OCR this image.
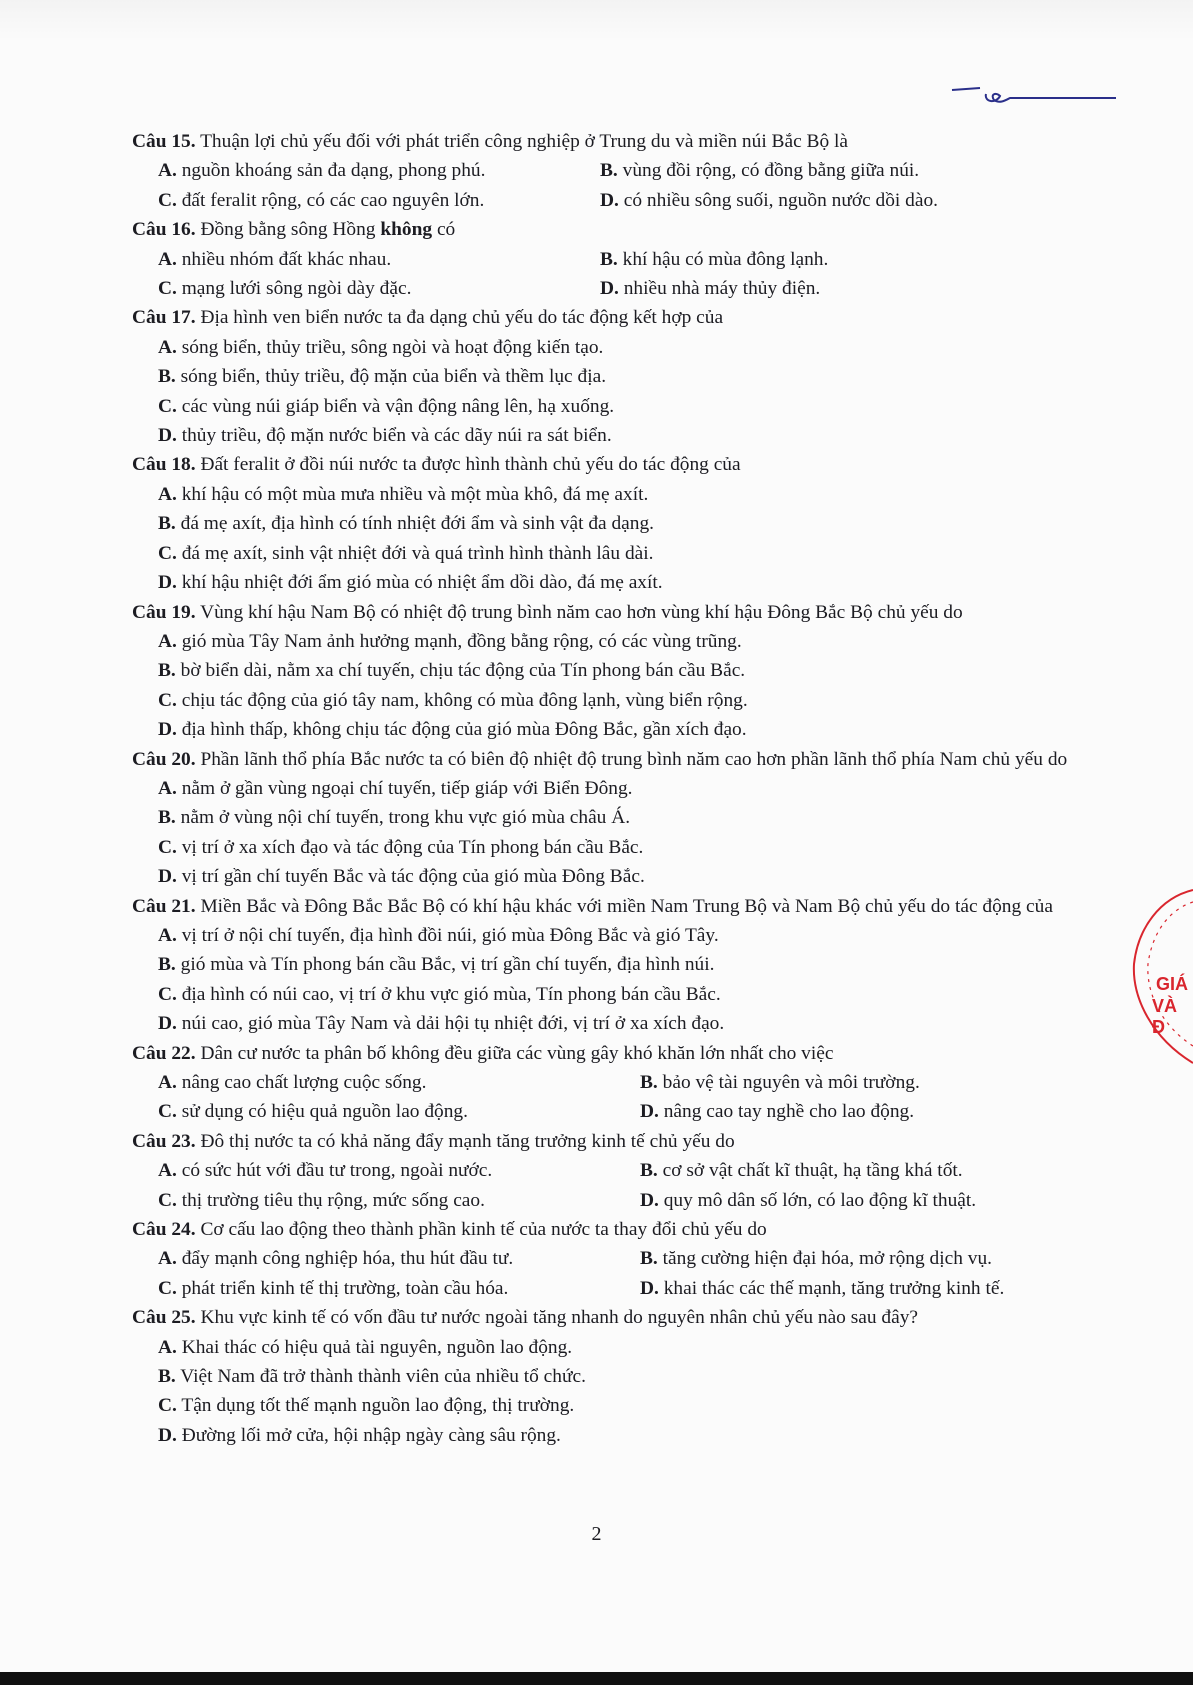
Câu 15. Thuận lợi chủ yếu đối với phát triển công nghiệp ở Trung du và miền núi Bắc Bộ là
A. nguồn khoáng sản đa dạng, phong phú.	B. vùng đồi rộng, có đồng bằng giữa núi.
C. đất feralit rộng, có các cao nguyên lớn.	D. có nhiều sông suối, nguồn nước dồi dào.
Câu 16. Đồng bằng sông Hồng không có
A. nhiều nhóm đất khác nhau.	B. khí hậu có mùa đông lạnh.
C. mạng lưới sông ngòi dày đặc.	D. nhiều nhà máy thủy điện.
Câu 17. Địa hình ven biển nước ta đa dạng chủ yếu do tác động kết hợp của
A. sóng biển, thủy triều, sông ngòi và hoạt động kiến tạo.
B. sóng biển, thủy triều, độ mặn của biển và thềm lục địa.
C. các vùng núi giáp biển và vận động nâng lên, hạ xuống.
D. thủy triều, độ mặn nước biển và các dãy núi ra sát biển.
Câu 18. Đất feralit ở đồi núi nước ta được hình thành chủ yếu do tác động của
A. khí hậu có một mùa mưa nhiều và một mùa khô, đá mẹ axít.
B. đá mẹ axít, địa hình có tính nhiệt đới ẩm và sinh vật đa dạng.
C. đá mẹ axít, sinh vật nhiệt đới và quá trình hình thành lâu dài.
D. khí hậu nhiệt đới ẩm gió mùa có nhiệt ẩm dồi dào, đá mẹ axít.
Câu 19. Vùng khí hậu Nam Bộ có nhiệt độ trung bình năm cao hơn vùng khí hậu Đông Bắc Bộ chủ yếu do
A. gió mùa Tây Nam ảnh hưởng mạnh, đồng bằng rộng, có các vùng trũng.
B. bờ biển dài, nằm xa chí tuyến, chịu tác động của Tín phong bán cầu Bắc.
C. chịu tác động của gió tây nam, không có mùa đông lạnh, vùng biển rộng.
D. địa hình thấp, không chịu tác động của gió mùa Đông Bắc, gần xích đạo.
Câu 20. Phần lãnh thổ phía Bắc nước ta có biên độ nhiệt độ trung bình năm cao hơn phần lãnh thổ phía Nam chủ yếu do
A. nằm ở gần vùng ngoại chí tuyến, tiếp giáp với Biển Đông.
B. nằm ở vùng nội chí tuyến, trong khu vực gió mùa châu Á.
C. vị trí ở xa xích đạo và tác động của Tín phong bán cầu Bắc.
D. vị trí gần chí tuyến Bắc và tác động của gió mùa Đông Bắc.
Câu 21. Miền Bắc và Đông Bắc Bắc Bộ có khí hậu khác với miền Nam Trung Bộ và Nam Bộ chủ yếu do tác động của
A. vị trí ở nội chí tuyến, địa hình đồi núi, gió mùa Đông Bắc và gió Tây.
B. gió mùa và Tín phong bán cầu Bắc, vị trí gần chí tuyến, địa hình núi.
C. địa hình có núi cao, vị trí ở khu vực gió mùa, Tín phong bán cầu Bắc.
D. núi cao, gió mùa Tây Nam và dải hội tụ nhiệt đới, vị trí ở xa xích đạo.
Câu 22. Dân cư nước ta phân bố không đều giữa các vùng gây khó khăn lớn nhất cho việc
A. nâng cao chất lượng cuộc sống.	B. bảo vệ tài nguyên và môi trường.
C. sử dụng có hiệu quả nguồn lao động.	D. nâng cao tay nghề cho lao động.
Câu 23. Đô thị nước ta có khả năng đẩy mạnh tăng trưởng kinh tế chủ yếu do
A. có sức hút với đầu tư trong, ngoài nước.	B. cơ sở vật chất kĩ thuật, hạ tầng khá tốt.
C. thị trường tiêu thụ rộng, mức sống cao.	D. quy mô dân số lớn, có lao động kĩ thuật.
Câu 24. Cơ cấu lao động theo thành phần kinh tế của nước ta thay đổi chủ yếu do
A. đẩy mạnh công nghiệp hóa, thu hút đầu tư.	B. tăng cường hiện đại hóa, mở rộng dịch vụ.
C. phát triển kinh tế thị trường, toàn cầu hóa.	D. khai thác các thế mạnh, tăng trưởng kinh tế.
Câu 25. Khu vực kinh tế có vốn đầu tư nước ngoài tăng nhanh do nguyên nhân chủ yếu nào sau đây?
A. Khai thác có hiệu quả tài nguyên, nguồn lao động.
B. Việt Nam đã trở thành thành viên của nhiều tổ chức.
C. Tận dụng tốt thế mạnh nguồn lao động, thị trường.
D. Đường lối mở cửa, hội nhập ngày càng sâu rộng.
2
GIÁ
VÀ Đ
